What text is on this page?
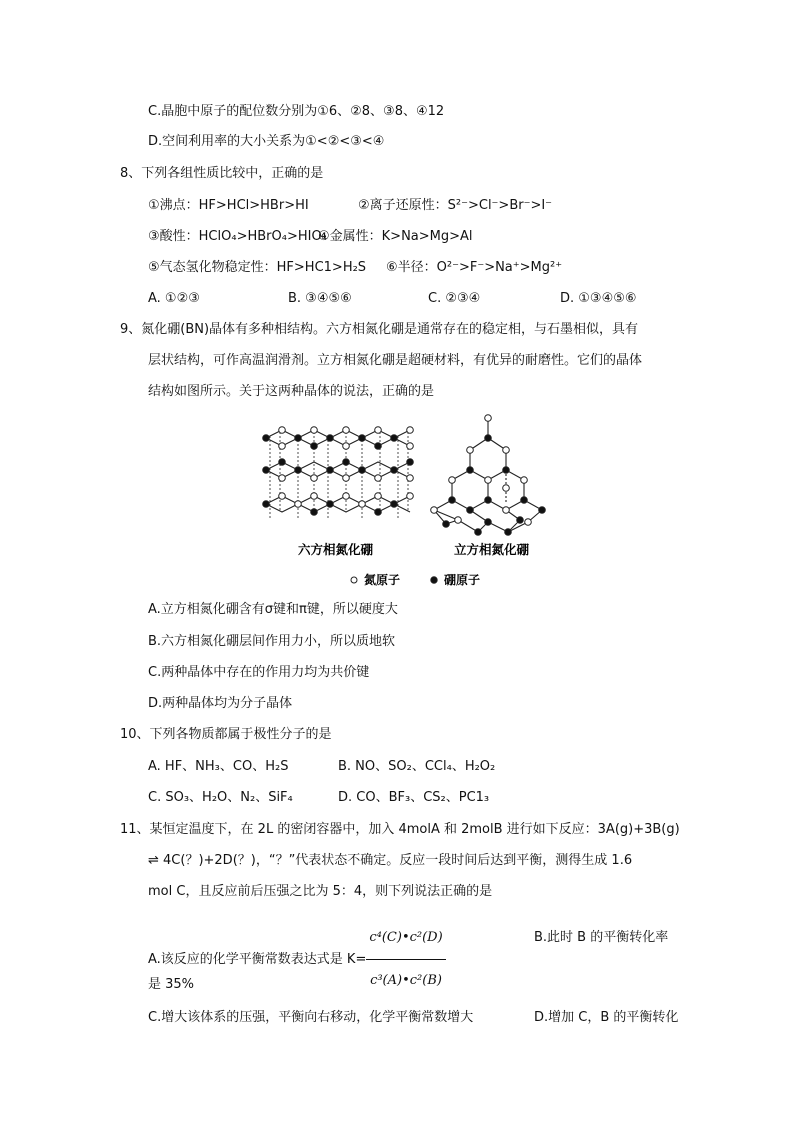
C.晶胞中原子的配位数分别为①6、②8、③8、④12
D.空间利用率的大小关系为①<②<③<④
8、下列各组性质比较中，正确的是
①沸点：HF>HCl>HBr>HI	②离子还原性：S²⁻>Cl⁻>Br⁻>I⁻
③酸性：HClO₄>HBrO₄>HIO₄
④金属性：K>Na>Mg>Al
⑤气态氢化物稳定性：HF>HC1>H₂S ⑥半径：O²⁻>F⁻>Na⁺>Mg²⁺
A. ①②③	B. ③④⑤⑥	C. ②③④	D. ①③④⑤⑥
9、氮化硼(BN)晶体有多种相结构。六方相氮化硼是通常存在的稳定相，与石墨相似，具有
层状结构，可作高温润滑剂。立方相氮化硼是超硬材料，有优异的耐磨性。它们的晶体
结构如图所示。关于这两种晶体的说法，正确的是
六方相氮化硼	立方相氮化硼
氮原子	硼原子
A.立方相氮化硼含有σ键和π键，所以硬度大
B.六方相氮化硼层间作用力小，所以质地软
C.两种晶体中存在的作用力均为共价键
D.两种晶体均为分子晶体
10、下列各物质都属于极性分子的是
A. HF、NH₃、CO、H₂S	B. NO、SO₂、CCl₄、H₂O₂
C. SO₃、H₂O、N₂、SiF₄	D. CO、BF₃、CS₂、PC1₃
11、某恒定温度下，在 2L 的密闭容器中，加入 4molA 和 2molB 进行如下反应：3A(g)+3B(g)
⇌ 4C(？)+2D(？)，“？”代表状态不确定。反应一段时间后达到平衡，测得生成 1.6
mol C，且反应前后压强之比为 5：4，则下列说法正确的是
A.该反应的化学平衡常数表达式是 $K= \frac{\text{c⁴(C)•c²(D)}}{\text{c³(A)•c²(B)}}$	B.此时 B 的平衡转化率
是 35%
C.增大该体系的压强，平衡向右移动，化学平衡常数增大	D.增加 C，B 的平衡转化
